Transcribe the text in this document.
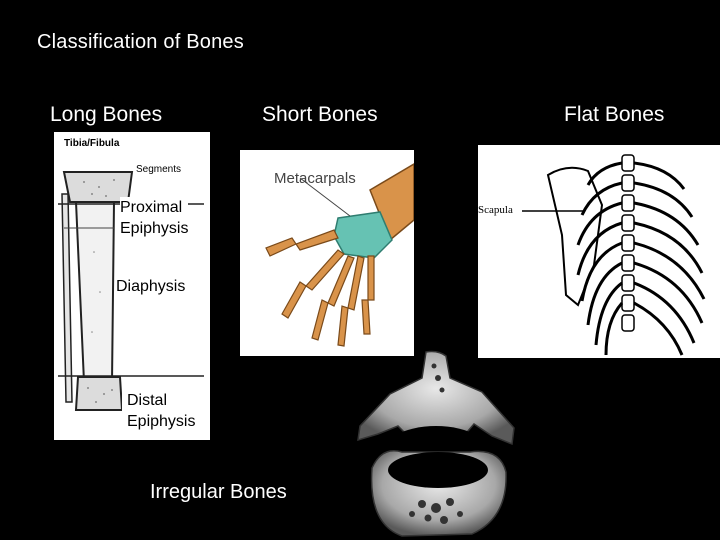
Classification of Bones
Long Bones	Short Bones	Flat Bones
Tibia/Fibula
Segments
Proximal
Epiphysis
Diaphysis
Distal
Epiphysis
Metacarpals
Scapula
Irregular Bones
